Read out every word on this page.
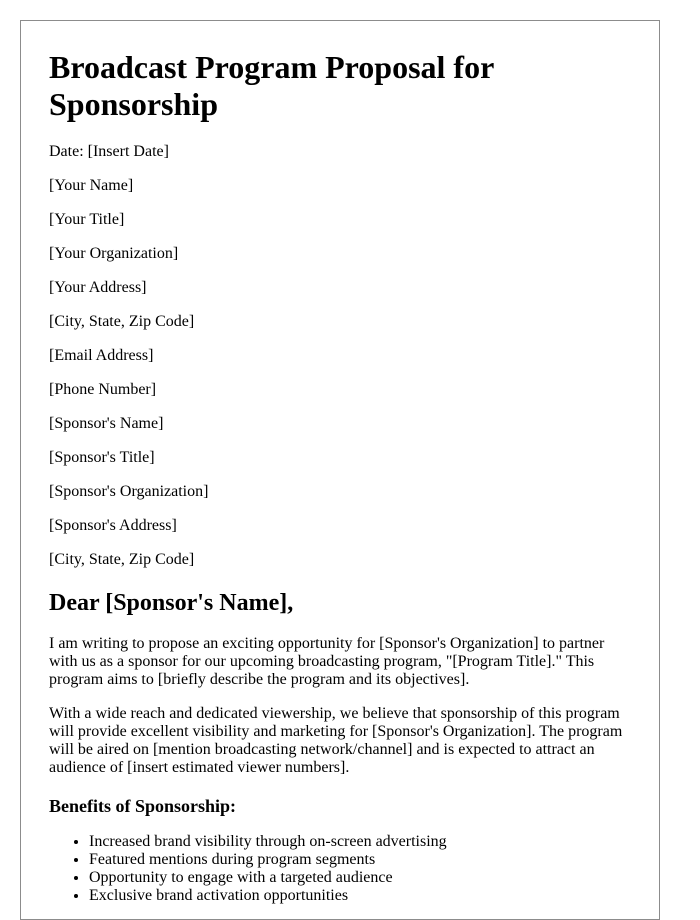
Broadcast Program Proposal for Sponsorship
Date: [Insert Date]
[Your Name]
[Your Title]
[Your Organization]
[Your Address]
[City, State, Zip Code]
[Email Address]
[Phone Number]
[Sponsor's Name]
[Sponsor's Title]
[Sponsor's Organization]
[Sponsor's Address]
[City, State, Zip Code]
Dear [Sponsor's Name],

I am writing to propose an exciting opportunity for [Sponsor's Organization] to partner with us as a sponsor for our upcoming broadcasting program, "[Program Title]." This program aims to [briefly describe the program and its objectives].

With a wide reach and dedicated viewership, we believe that sponsorship of this program will provide excellent visibility and marketing for [Sponsor's Organization]. The program will be aired on [mention broadcasting network/channel] and is expected to attract an audience of [insert estimated viewer numbers].

Benefits of Sponsorship:
• Increased brand visibility through on-screen advertising
• Featured mentions during program segments
• Opportunity to engage with a targeted audience
• Exclusive brand activation opportunities
